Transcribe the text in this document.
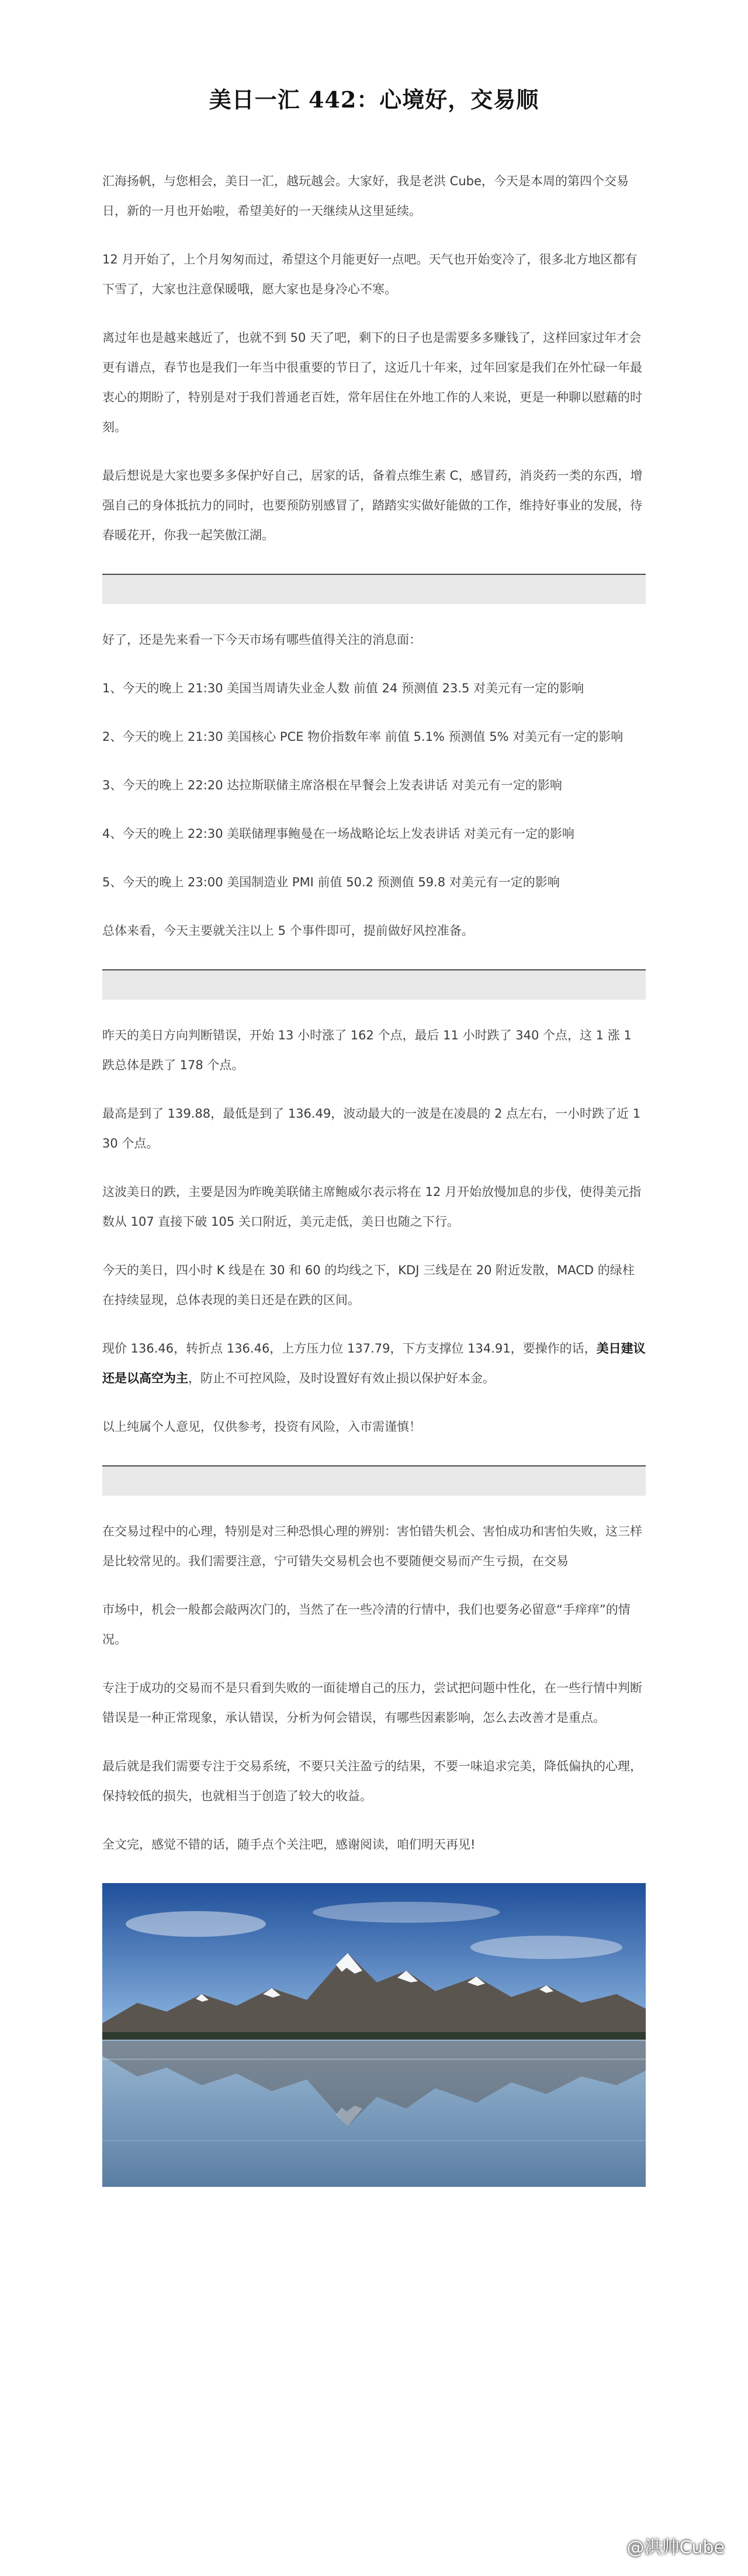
美日一汇 442：心境好，交易顺

汇海扬帆，与您相会，美日一汇，越玩越会。大家好，我是老洪 Cube，今天是本周的第四个交易日，新的一月也开始啦，希望美好的一天继续从这里延续。

12 月开始了，上个月匆匆而过，希望这个月能更好一点吧。天气也开始变冷了，很多北方地区都有下雪了，大家也注意保暖哦，愿大家也是身冷心不寒。

离过年也是越来越近了，也就不到 50 天了吧，剩下的日子也是需要多多赚钱了，这样回家过年才会更有谱点，春节也是我们一年当中很重要的节日了，这近几十年来，过年回家是我们在外忙碌一年最衷心的期盼了，特别是对于我们普通老百姓，常年居住在外地工作的人来说，更是一种聊以慰藉的时刻。

最后想说是大家也要多多保护好自己，居家的话，备着点维生素 C，感冒药，消炎药一类的东西，增强自己的身体抵抗力的同时，也要预防别感冒了，踏踏实实做好能做的工作，维持好事业的发展，待春暖花开，你我一起笑傲江湖。

好了，还是先来看一下今天市场有哪些值得关注的消息面：

1、今天的晚上 21:30 美国当周请失业金人数 前值 24 预测值 23.5 对美元有一定的影响

2、今天的晚上 21:30 美国核心 PCE 物价指数年率 前值 5.1% 预测值 5% 对美元有一定的影响

3、今天的晚上 22:20 达拉斯联储主席洛根在早餐会上发表讲话 对美元有一定的影响

4、今天的晚上 22:30 美联储理事鲍曼在一场战略论坛上发表讲话 对美元有一定的影响

5、今天的晚上 23:00 美国制造业 PMI 前值 50.2 预测值 59.8 对美元有一定的影响

总体来看，今天主要就关注以上 5 个事件即可，提前做好风控准备。

昨天的美日方向判断错误，开始 13 小时涨了 162 个点，最后 11 小时跌了 340 个点，这 1 涨 1 跌总体是跌了 178 个点。

最高是到了 139.88，最低是到了 136.49，波动最大的一波是在凌晨的 2 点左右，一小时跌了近 130 个点。

这波美日的跌，主要是因为昨晚美联储主席鲍威尔表示将在 12 月开始放慢加息的步伐，使得美元指数从 107 直接下破 105 关口附近，美元走低，美日也随之下行。

今天的美日，四小时 K 线是在 30 和 60 的均线之下，KDJ 三线是在 20 附近发散，MACD 的绿柱在持续显现，总体表现的美日还是在跌的区间。

现价 136.46，转折点 136.46，上方压力位 137.79，下方支撑位 134.91，要操作的话，美日建议还是以高空为主，防止不可控风险，及时设置好有效止损以保护好本金。

以上纯属个人意见，仅供参考，投资有风险，入市需谨慎！

在交易过程中的心理，特别是对三种恐惧心理的辨别：害怕错失机会、害怕成功和害怕失败，这三样是比较常见的。我们需要注意，宁可错失交易机会也不要随便交易而产生亏损，在交易

市场中，机会一般都会敲两次门的，当然了在一些冷清的行情中，我们也要务必留意“手痒痒”的情况。

专注于成功的交易而不是只看到失败的一面徒增自己的压力，尝试把问题中性化，在一些行情中判断错误是一种正常现象，承认错误，分析为何会错误，有哪些因素影响，怎么去改善才是重点。

最后就是我们需要专注于交易系统，不要只关注盈亏的结果，不要一味追求完美，降低偏执的心理，保持较低的损失，也就相当于创造了较大的收益。

全文完，感觉不错的话，随手点个关注吧，感谢阅读，咱们明天再见!

@洪帅Cube
